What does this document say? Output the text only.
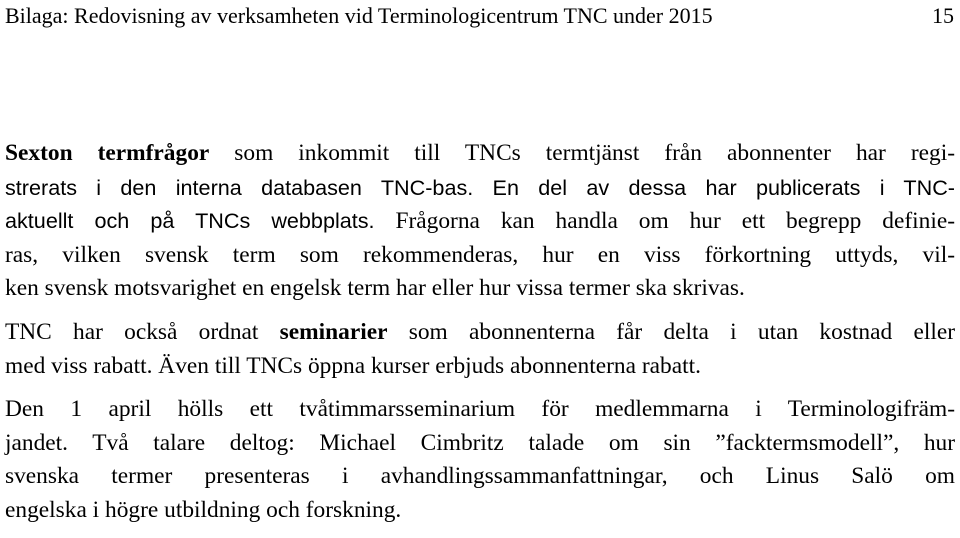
Bilaga: Redovisning av verksamheten vid Terminologicentrum TNC under 2015	15

Sexton termfrågor som inkommit till TNCs termtjänst från abonnenter har regi-
strerats i den interna databasen TNC-bas. En del av dessa har publicerats i TNC-
aktuellt och på TNCs webbplats. Frågorna kan handla om hur ett begrepp definie-
ras, vilken svensk term som rekommenderas, hur en viss förkortning uttyds, vil-
ken svensk motsvarighet en engelsk term har eller hur vissa termer ska skrivas.

TNC har också ordnat seminarier som abonnenterna får delta i utan kostnad eller
med viss rabatt. Även till TNCs öppna kurser erbjuds abonnenterna rabatt.

Den 1 april hölls ett tvåtimmarsseminarium för medlemmarna i Terminologifräm-
jandet. Två talare deltog: Michael Cimbritz talade om sin ”facktermsmodell”, hur
svenska termer presenteras i avhandlingssammanfattningar, och Linus Salö om
engelska i högre utbildning och forskning.
